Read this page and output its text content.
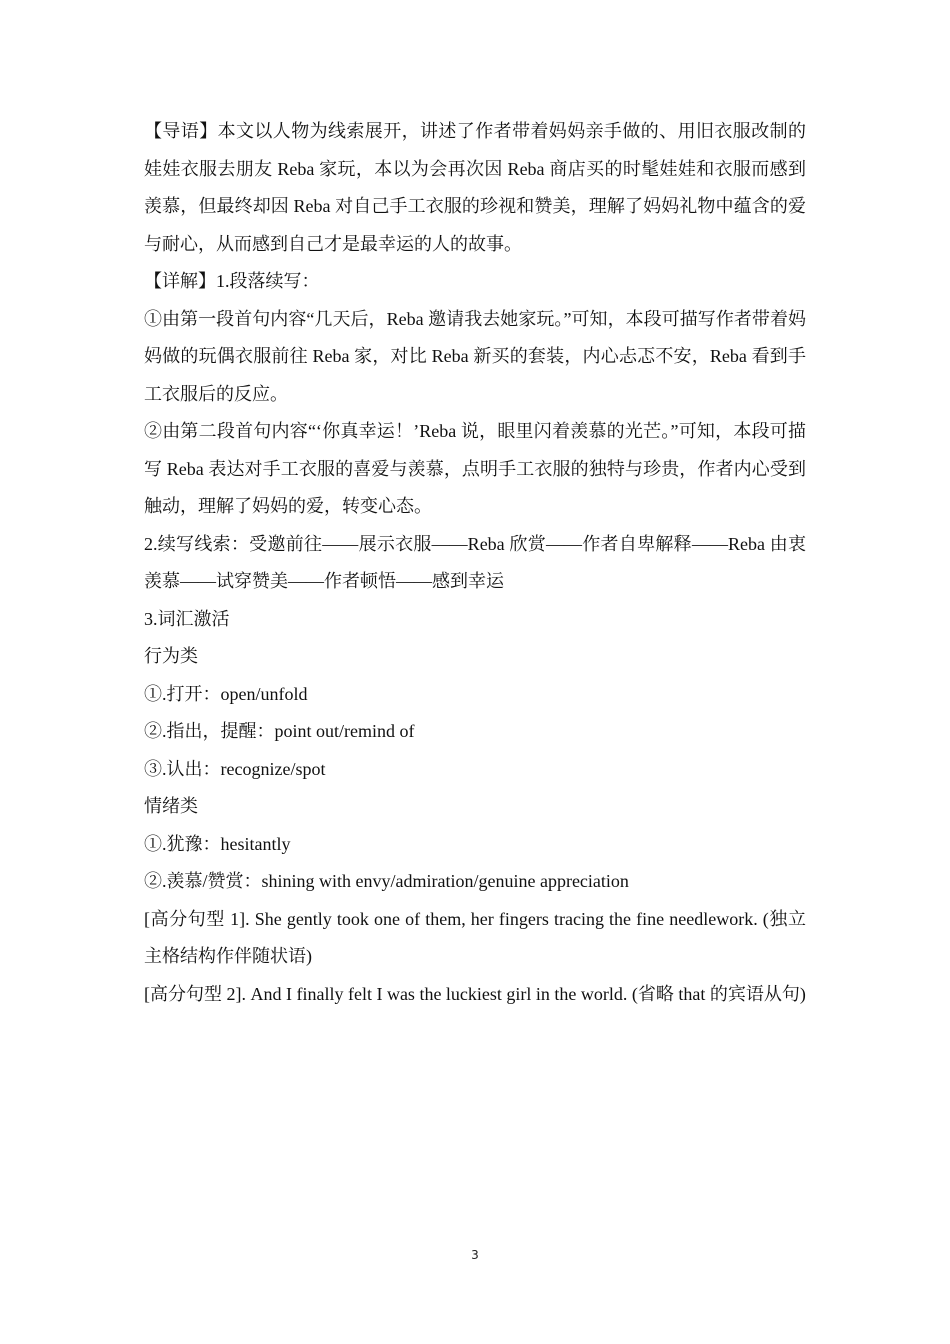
【导语】本文以人物为线索展开，讲述了作者带着妈妈亲手做的、用旧衣服改制的娃娃衣服去朋友 Reba 家玩，本以为会再次因 Reba 商店买的时髦娃娃和衣服而感到羡慕，但最终却因 Reba 对自己手工衣服的珍视和赞美，理解了妈妈礼物中蕴含的爱与耐心，从而感到自己才是最幸运的人的故事。

【详解】1.段落续写：

①由第一段首句内容“几天后，Reba 邀请我去她家玩。”可知，本段可描写作者带着妈妈做的玩偶衣服前往 Reba 家，对比 Reba 新买的套装，内心忐忑不安，Reba 看到手工衣服后的反应。

②由第二段首句内容“‘你真幸运！’Reba 说，眼里闪着羡慕的光芒。”可知，本段可描写 Reba 表达对手工衣服的喜爱与羡慕，点明手工衣服的独特与珍贵，作者内心受到触动，理解了妈妈的爱，转变心态。

2.续写线索：受邀前往——展示衣服——Reba 欣赏——作者自卑解释——Reba 由衷羡慕——试穿赞美——作者顿悟——感到幸运

3.词汇激活

行为类

①.打开：open/unfold

②.指出，提醒：point out/remind of

③.认出：recognize/spot

情绪类

①.犹豫：hesitantly

②.羡慕/赞赏：shining with envy/admiration/genuine appreciation

[高分句型 1]. She gently took one of them, her fingers tracing the fine needlework. (独立主格结构作伴随状语)

[高分句型 2]. And I finally felt I was the luckiest girl in the world. (省略 that 的宾语从句)

3
